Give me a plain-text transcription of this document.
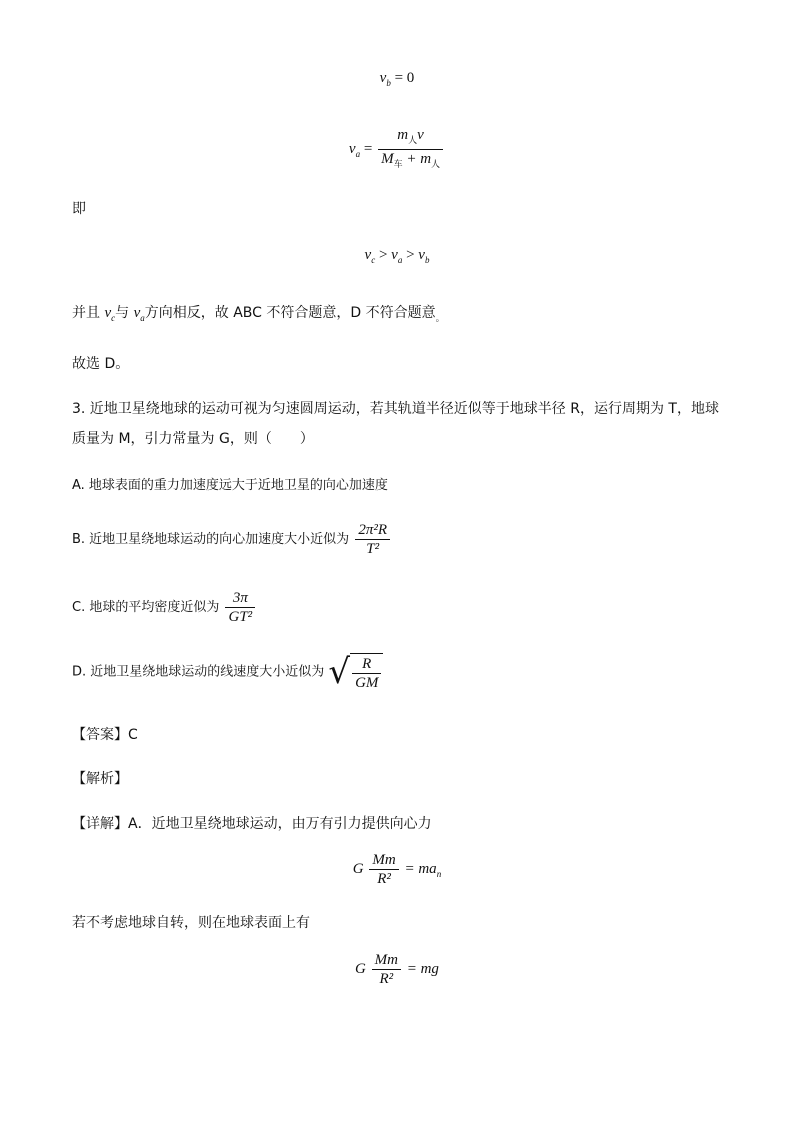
$v_b = 0$
$v_a = \frac{m_人v}{M_车 + m_人}$
即
$v_c > v_a > v_b$
并且 $v_c$与 $v_a$方向相反，故 ABC 不符合题意，D 不符合题意$_。$
故选 D。
3. 近地卫星绕地球的运动可视为匀速圆周运动，若其轨道半径近似等于地球半径 R，运行周期为 T，地球
质量为 M，引力常量为 G，则（　　）
A. 地球表面的重力加速度远大于近地卫星的向心加速度
B. 近地卫星绕地球运动的向心加速度大小近似为 $\frac{\text{2π²R}}{\text{T²}}$
C. 地球的平均密度近似为 $\frac{3\pi}{\text{GT²}}$
D. 近地卫星绕地球运动的线速度大小近似为 √ $\frac{R}{GM}$
【答案】C
【解析】
【详解】A．近地卫星绕地球运动，由万有引力提供向心力
G $\frac{Mm}{\text{R²}} = ma_n$
若不考虑地球自转，则在地球表面上有
G $\frac{Mm}{\text{R²}}$ = mg
